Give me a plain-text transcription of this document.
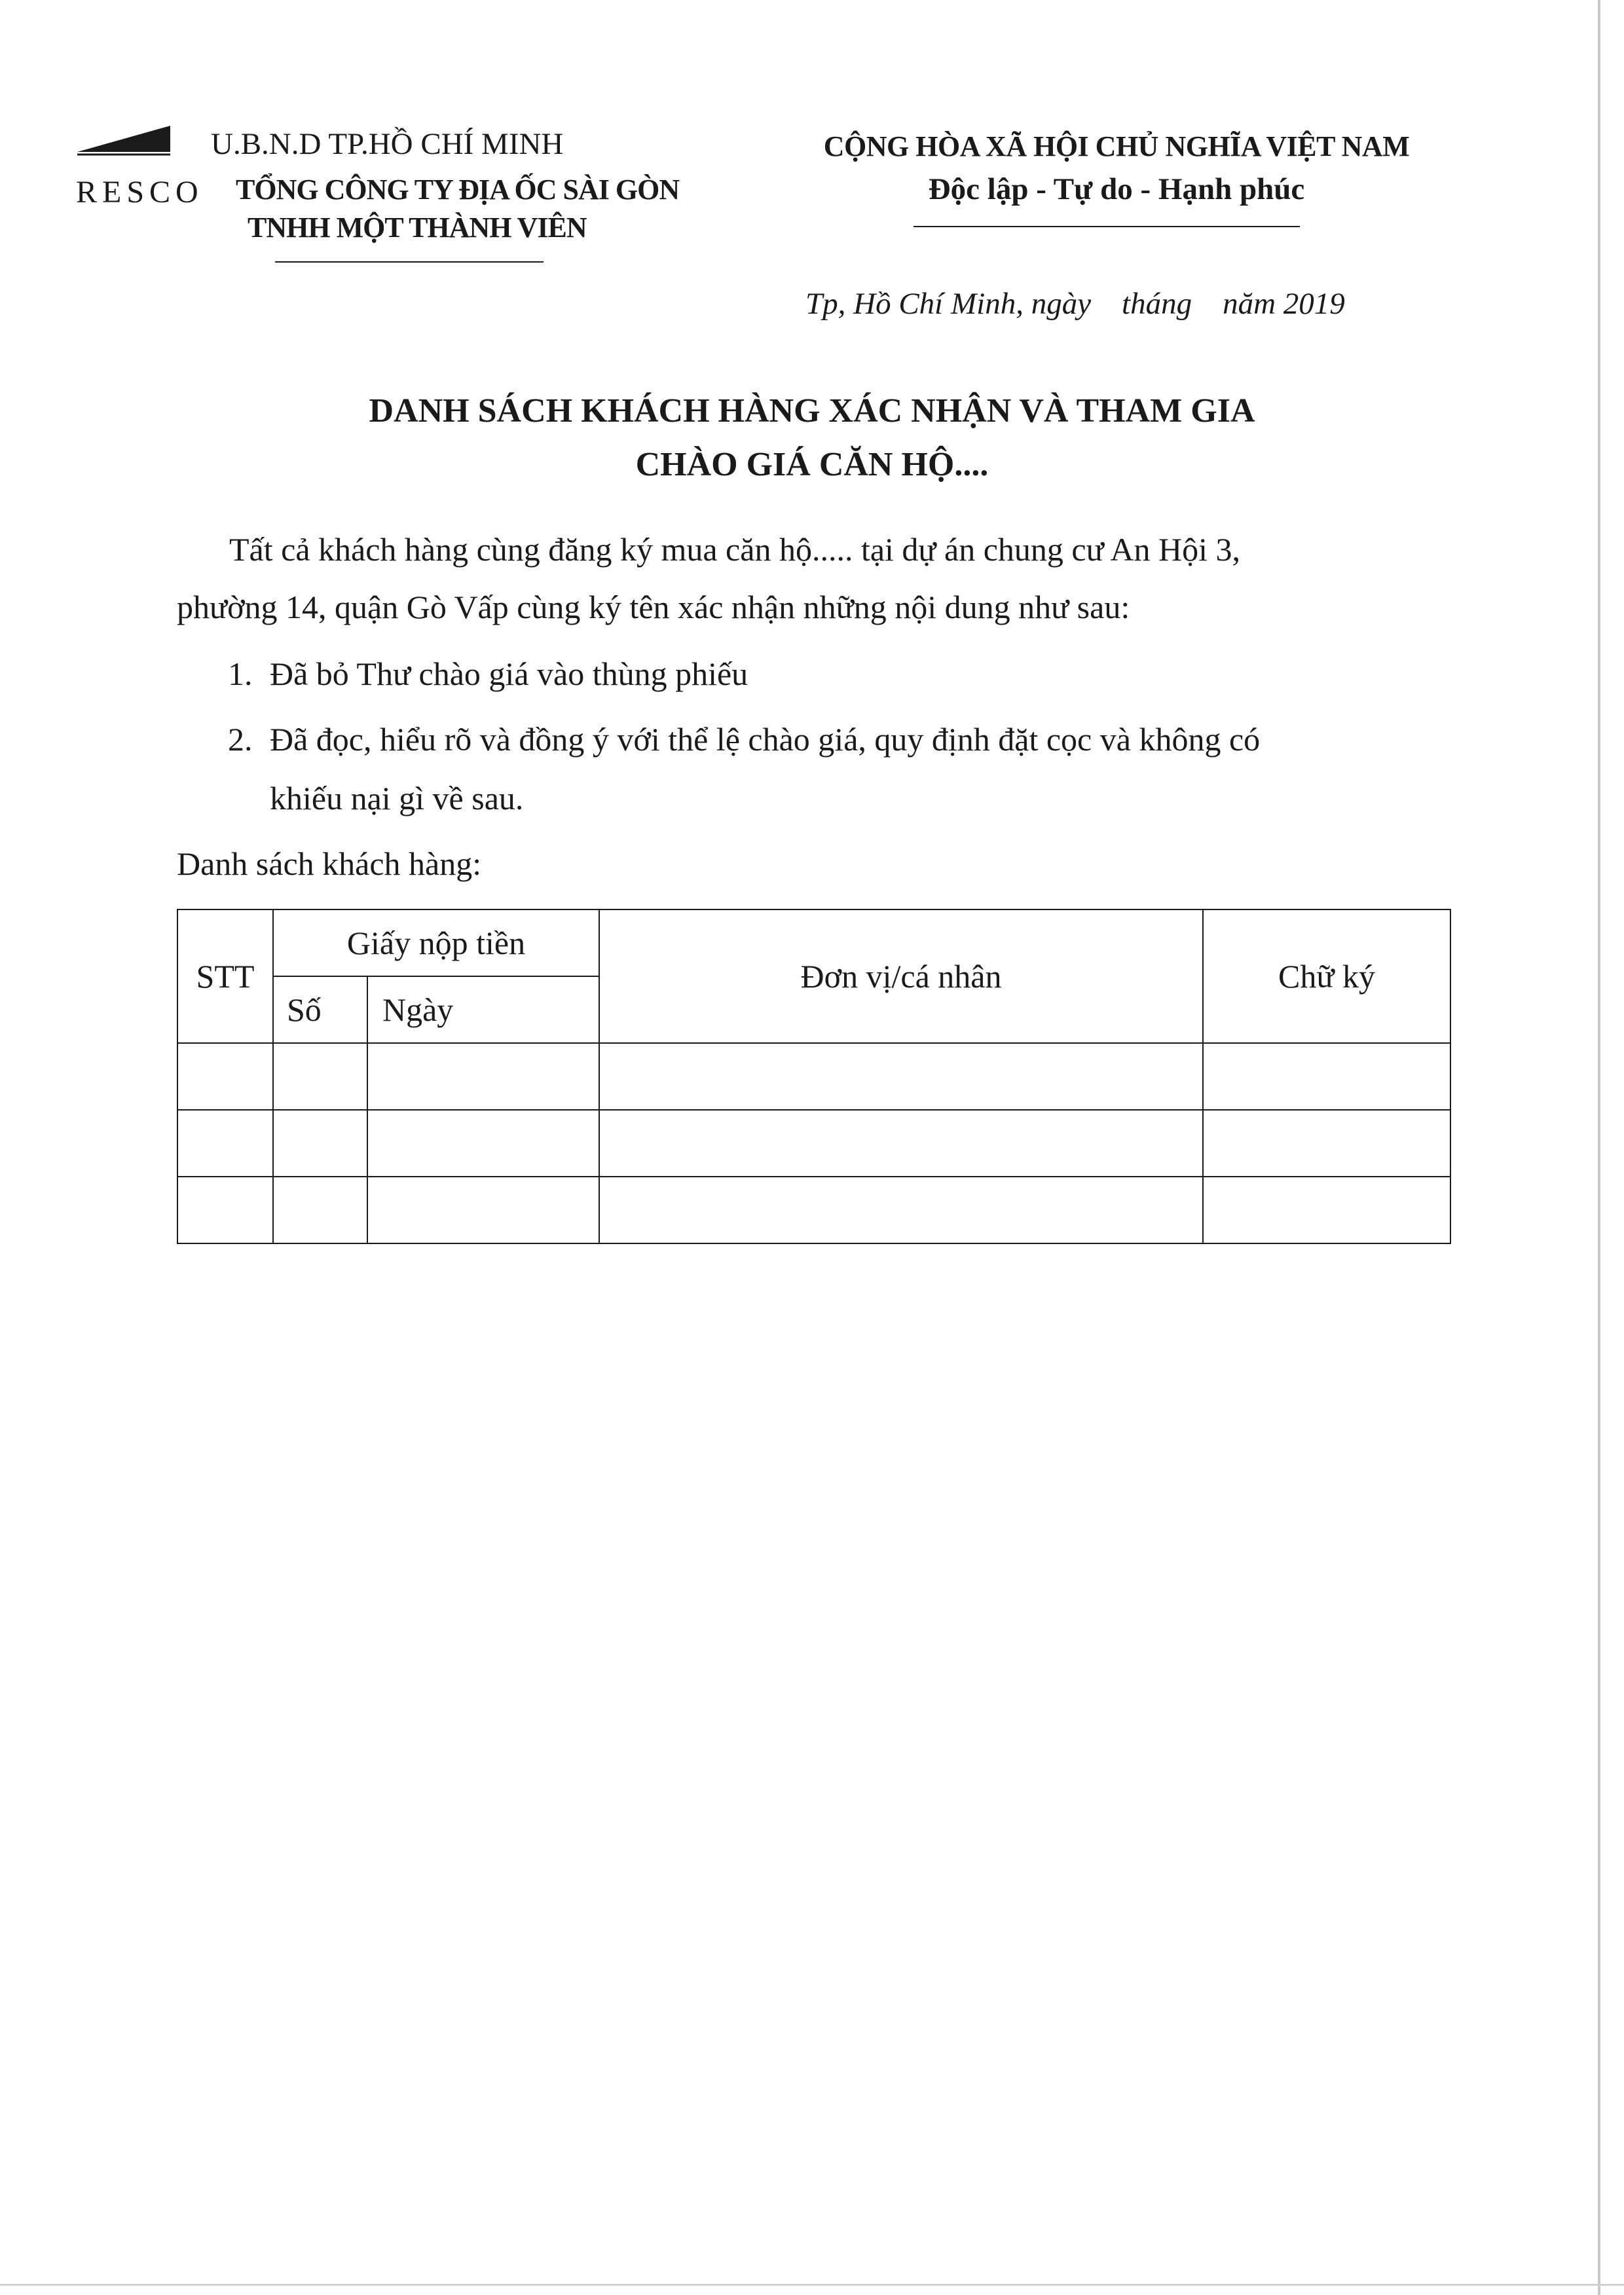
RESCO
U.B.N.D TP.HỒ CHÍ MINH
TỔNG CÔNG TY ĐỊA ỐC SÀI GÒN
TNHH MỘT THÀNH VIÊN
CỘNG HÒA XÃ HỘI CHỦ NGHĨA VIỆT NAM
Độc lập - Tự do - Hạnh phúc
Tp, Hồ Chí Minh, ngày    tháng    năm 2019
DANH SÁCH KHÁCH HÀNG XÁC NHẬN VÀ THAM GIA
CHÀO GIÁ CĂN HỘ....
Tất cả khách hàng cùng đăng ký mua căn hộ..... tại dự án chung cư An Hội 3,
phường 14, quận Gò Vấp cùng ký tên xác nhận những nội dung như sau:
1. Đã bỏ Thư chào giá vào thùng phiếu
2. Đã đọc, hiểu rõ và đồng ý với thể lệ chào giá, quy định đặt cọc và không có
khiếu nại gì về sau.
Danh sách khách hàng:
STT	Giấy nộp tiền		Đơn vị/cá nhân	Chữ ký
	Số	Ngày		
